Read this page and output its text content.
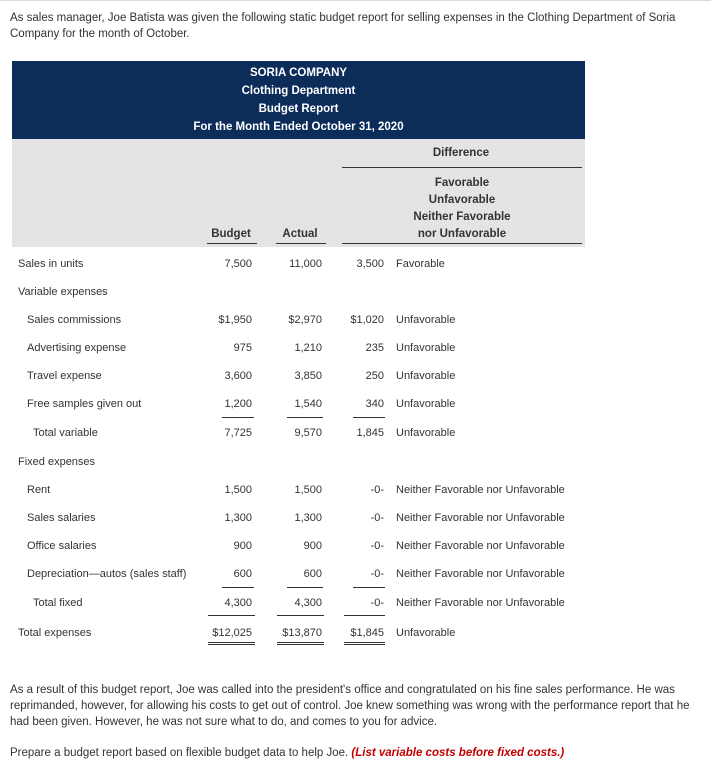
As sales manager, Joe Batista was given the following static budget report for selling expenses in the Clothing Department of Soria Company for the month of October.
SORIA COMPANY
Clothing Department
Budget Report
For the Month Ended October 31, 2020
Difference
Favorable
Unfavorable
Neither Favorable
nor Unfavorable
Budget	Actual
Sales in units	7,500	11,000	3,500 Favorable
Variable expenses
Sales commissions	$1,950	$2,970	$1,020 Unfavorable
Advertising expense	975	1,210	235 Unfavorable
Travel expense	3,600	3,850	250 Unfavorable
Free samples given out	1,200	1,540	340 Unfavorable
Total variable	7,725	9,570	1,845 Unfavorable
Fixed expenses
Rent	1,500	1,500	-0- Neither Favorable nor Unfavorable
Sales salaries	1,300	1,300	-0- Neither Favorable nor Unfavorable
Office salaries	900	900	-0- Neither Favorable nor Unfavorable
Depreciation—autos (sales staff)	600	600	-0- Neither Favorable nor Unfavorable
Total fixed	4,300	4,300	-0- Neither Favorable nor Unfavorable
Total expenses	$12,025	$13,870	$1,845 Unfavorable
As a result of this budget report, Joe was called into the president's office and congratulated on his fine sales performance. He was reprimanded, however, for allowing his costs to get out of control. Joe knew something was wrong with the performance report that he had been given. However, he was not sure what to do, and comes to you for advice.
Prepare a budget report based on flexible budget data to help Joe. (List variable costs before fixed costs.)
